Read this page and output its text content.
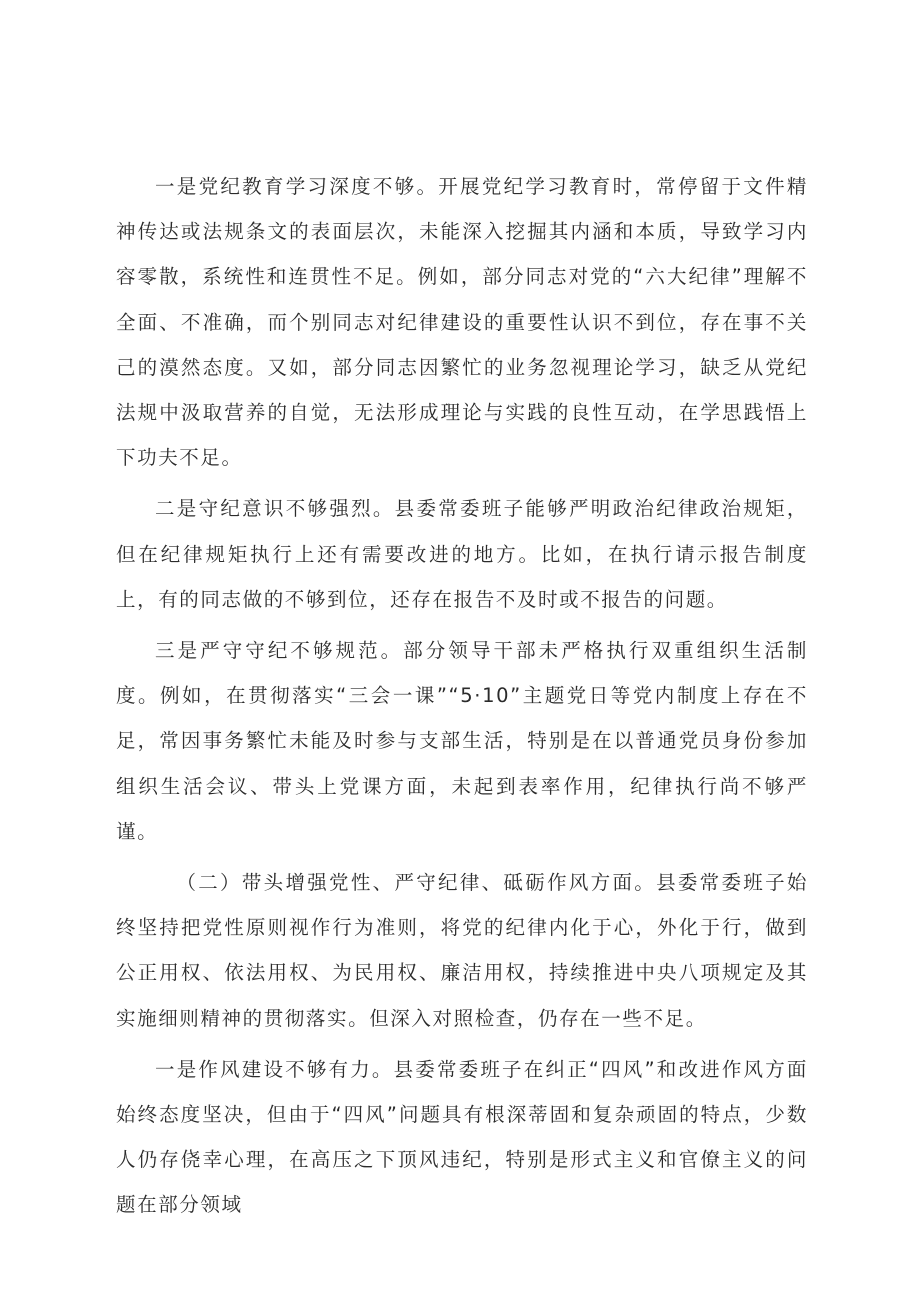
一是党纪教育学习深度不够。开展党纪学习教育时，常停留于文件精神传达或法规条文的表面层次，未能深入挖掘其内涵和本质，导致学习内容零散，系统性和连贯性不足。例如，部分同志对党的“六大纪律”理解不全面、不准确，而个别同志对纪律建设的重要性认识不到位，存在事不关己的漠然态度。又如，部分同志因繁忙的业务忽视理论学习，缺乏从党纪法规中汲取营养的自觉，无法形成理论与实践的良性互动，在学思践悟上下功夫不足。

二是守纪意识不够强烈。县委常委班子能够严明政治纪律政治规矩，但在纪律规矩执行上还有需要改进的地方。比如，在执行请示报告制度上，有的同志做的不够到位，还存在报告不及时或不报告的问题。

三是严守守纪不够规范。部分领导干部未严格执行双重组织生活制度。例如，在贯彻落实“三会一课”“5·10”主题党日等党内制度上存在不足，常因事务繁忙未能及时参与支部生活，特别是在以普通党员身份参加组织生活会议、带头上党课方面，未起到表率作用，纪律执行尚不够严谨。

（二）带头增强党性、严守纪律、砥砺作风方面。县委常委班子始终坚持把党性原则视作行为准则，将党的纪律内化于心，外化于行，做到公正用权、依法用权、为民用权、廉洁用权，持续推进中央八项规定及其实施细则精神的贯彻落实。但深入对照检查，仍存在一些不足。

一是作风建设不够有力。县委常委班子在纠正“四风”和改进作风方面始终态度坚决，但由于“四风”问题具有根深蒂固和复杂顽固的特点，少数人仍存侥幸心理，在高压之下顶风违纪，特别是形式主义和官僚主义的问题在部分领域
